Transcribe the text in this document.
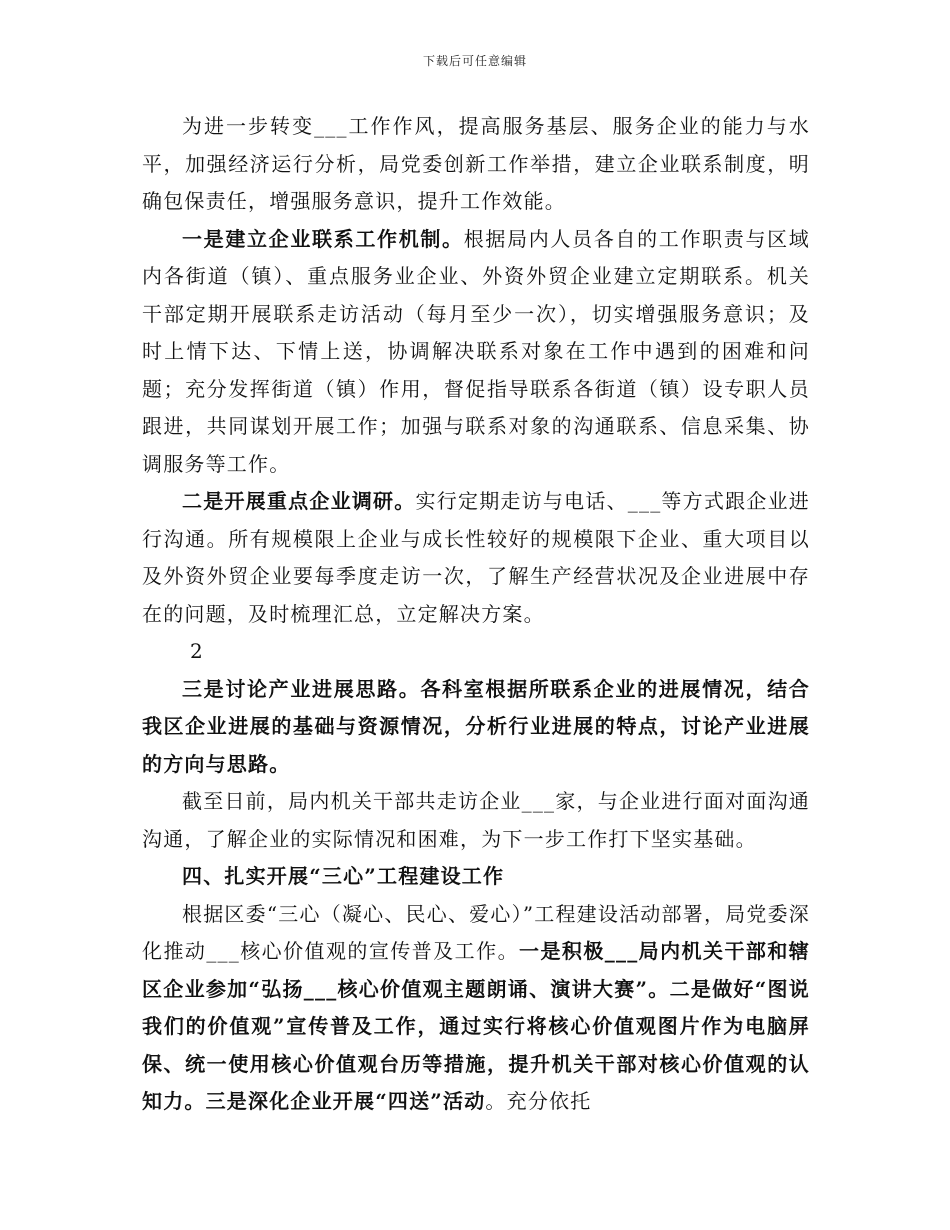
下载后可任意编辑

为进一步转变___工作作风，提高服务基层、服务企业的能力与水平，加强经济运行分析，局党委创新工作举措，建立企业联系制度，明确包保责任，增强服务意识，提升工作效能。

一是建立企业联系工作机制。根据局内人员各自的工作职责与区域内各街道（镇）、重点服务业企业、外资外贸企业建立定期联系。机关干部定期开展联系走访活动（每月至少一次），切实增强服务意识；及时上情下达、下情上送，协调解决联系对象在工作中遇到的困难和问题；充分发挥街道（镇）作用，督促指导联系各街道（镇）设专职人员跟进，共同谋划开展工作；加强与联系对象的沟通联系、信息采集、协调服务等工作。

二是开展重点企业调研。实行定期走访与电话、___等方式跟企业进行沟通。所有规模限上企业与成长性较好的规模限下企业、重大项目以及外资外贸企业要每季度走访一次，了解生产经营状况及企业进展中存在的问题，及时梳理汇总，立定解决方案。

2

三是讨论产业进展思路。各科室根据所联系企业的进展情况，结合我区企业进展的基础与资源情况，分析行业进展的特点，讨论产业进展的方向与思路。

截至日前，局内机关干部共走访企业___家，与企业进行面对面沟通沟通，了解企业的实际情况和困难，为下一步工作打下坚实基础。

四、扎实开展“三心”工程建设工作

根据区委“三心（凝心、民心、爱心）”工程建设活动部署，局党委深化推动___核心价值观的宣传普及工作。一是积极___局内机关干部和辖区企业参加“弘扬___核心价值观主题朗诵、演讲大赛”。二是做好“图说我们的价值观”宣传普及工作，通过实行将核心价值观图片作为电脑屏保、统一使用核心价值观台历等措施，提升机关干部对核心价值观的认知力。三是深化企业开展“四送”活动。充分依托
